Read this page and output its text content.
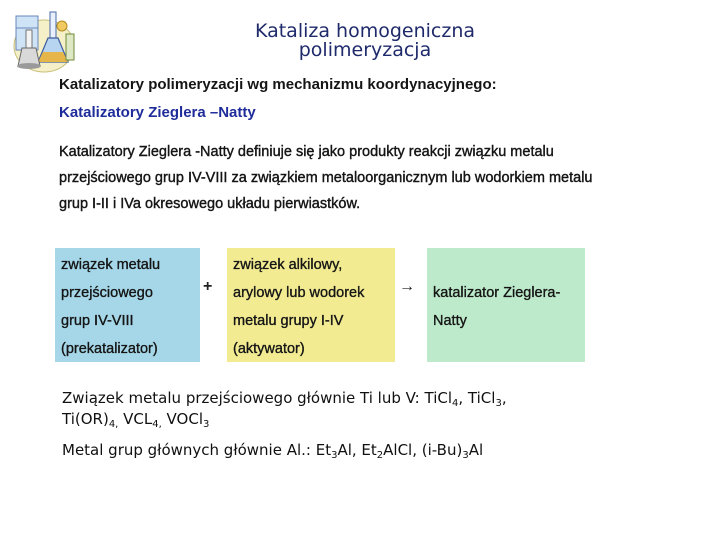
Kataliza homogeniczna
polimeryzacja
Katalizatory polimeryzacji wg mechanizmu koordynacyjnego:
Katalizatory Zieglera –Natty
Katalizatory Zieglera -Natty definiuje się jako produkty reakcji związku metalu
przejściowego grup IV-VIII za związkiem metaloorganicznym lub wodorkiem metalu
grup I-II i IVa okresowego układu pierwiastków.
związek metalu
przejściowego
grup IV-VIII
(prekatalizator)
+
związek alkilowy,
arylowy lub wodorek
metalu grupy I-IV
(aktywator)
→ katalizator Zieglera-
Natty
Związek metalu przejściowego głównie Ti lub V: TiCl$_4$, TiCl$_3$,
$Ti(OR)_{4,}$ $VCL_{4,}$ VOCl$_3$
Metal grup głównych głównie Al.: $Et_3Al$, $Et_2AlCl$, $(i-Bu)_3Al$
